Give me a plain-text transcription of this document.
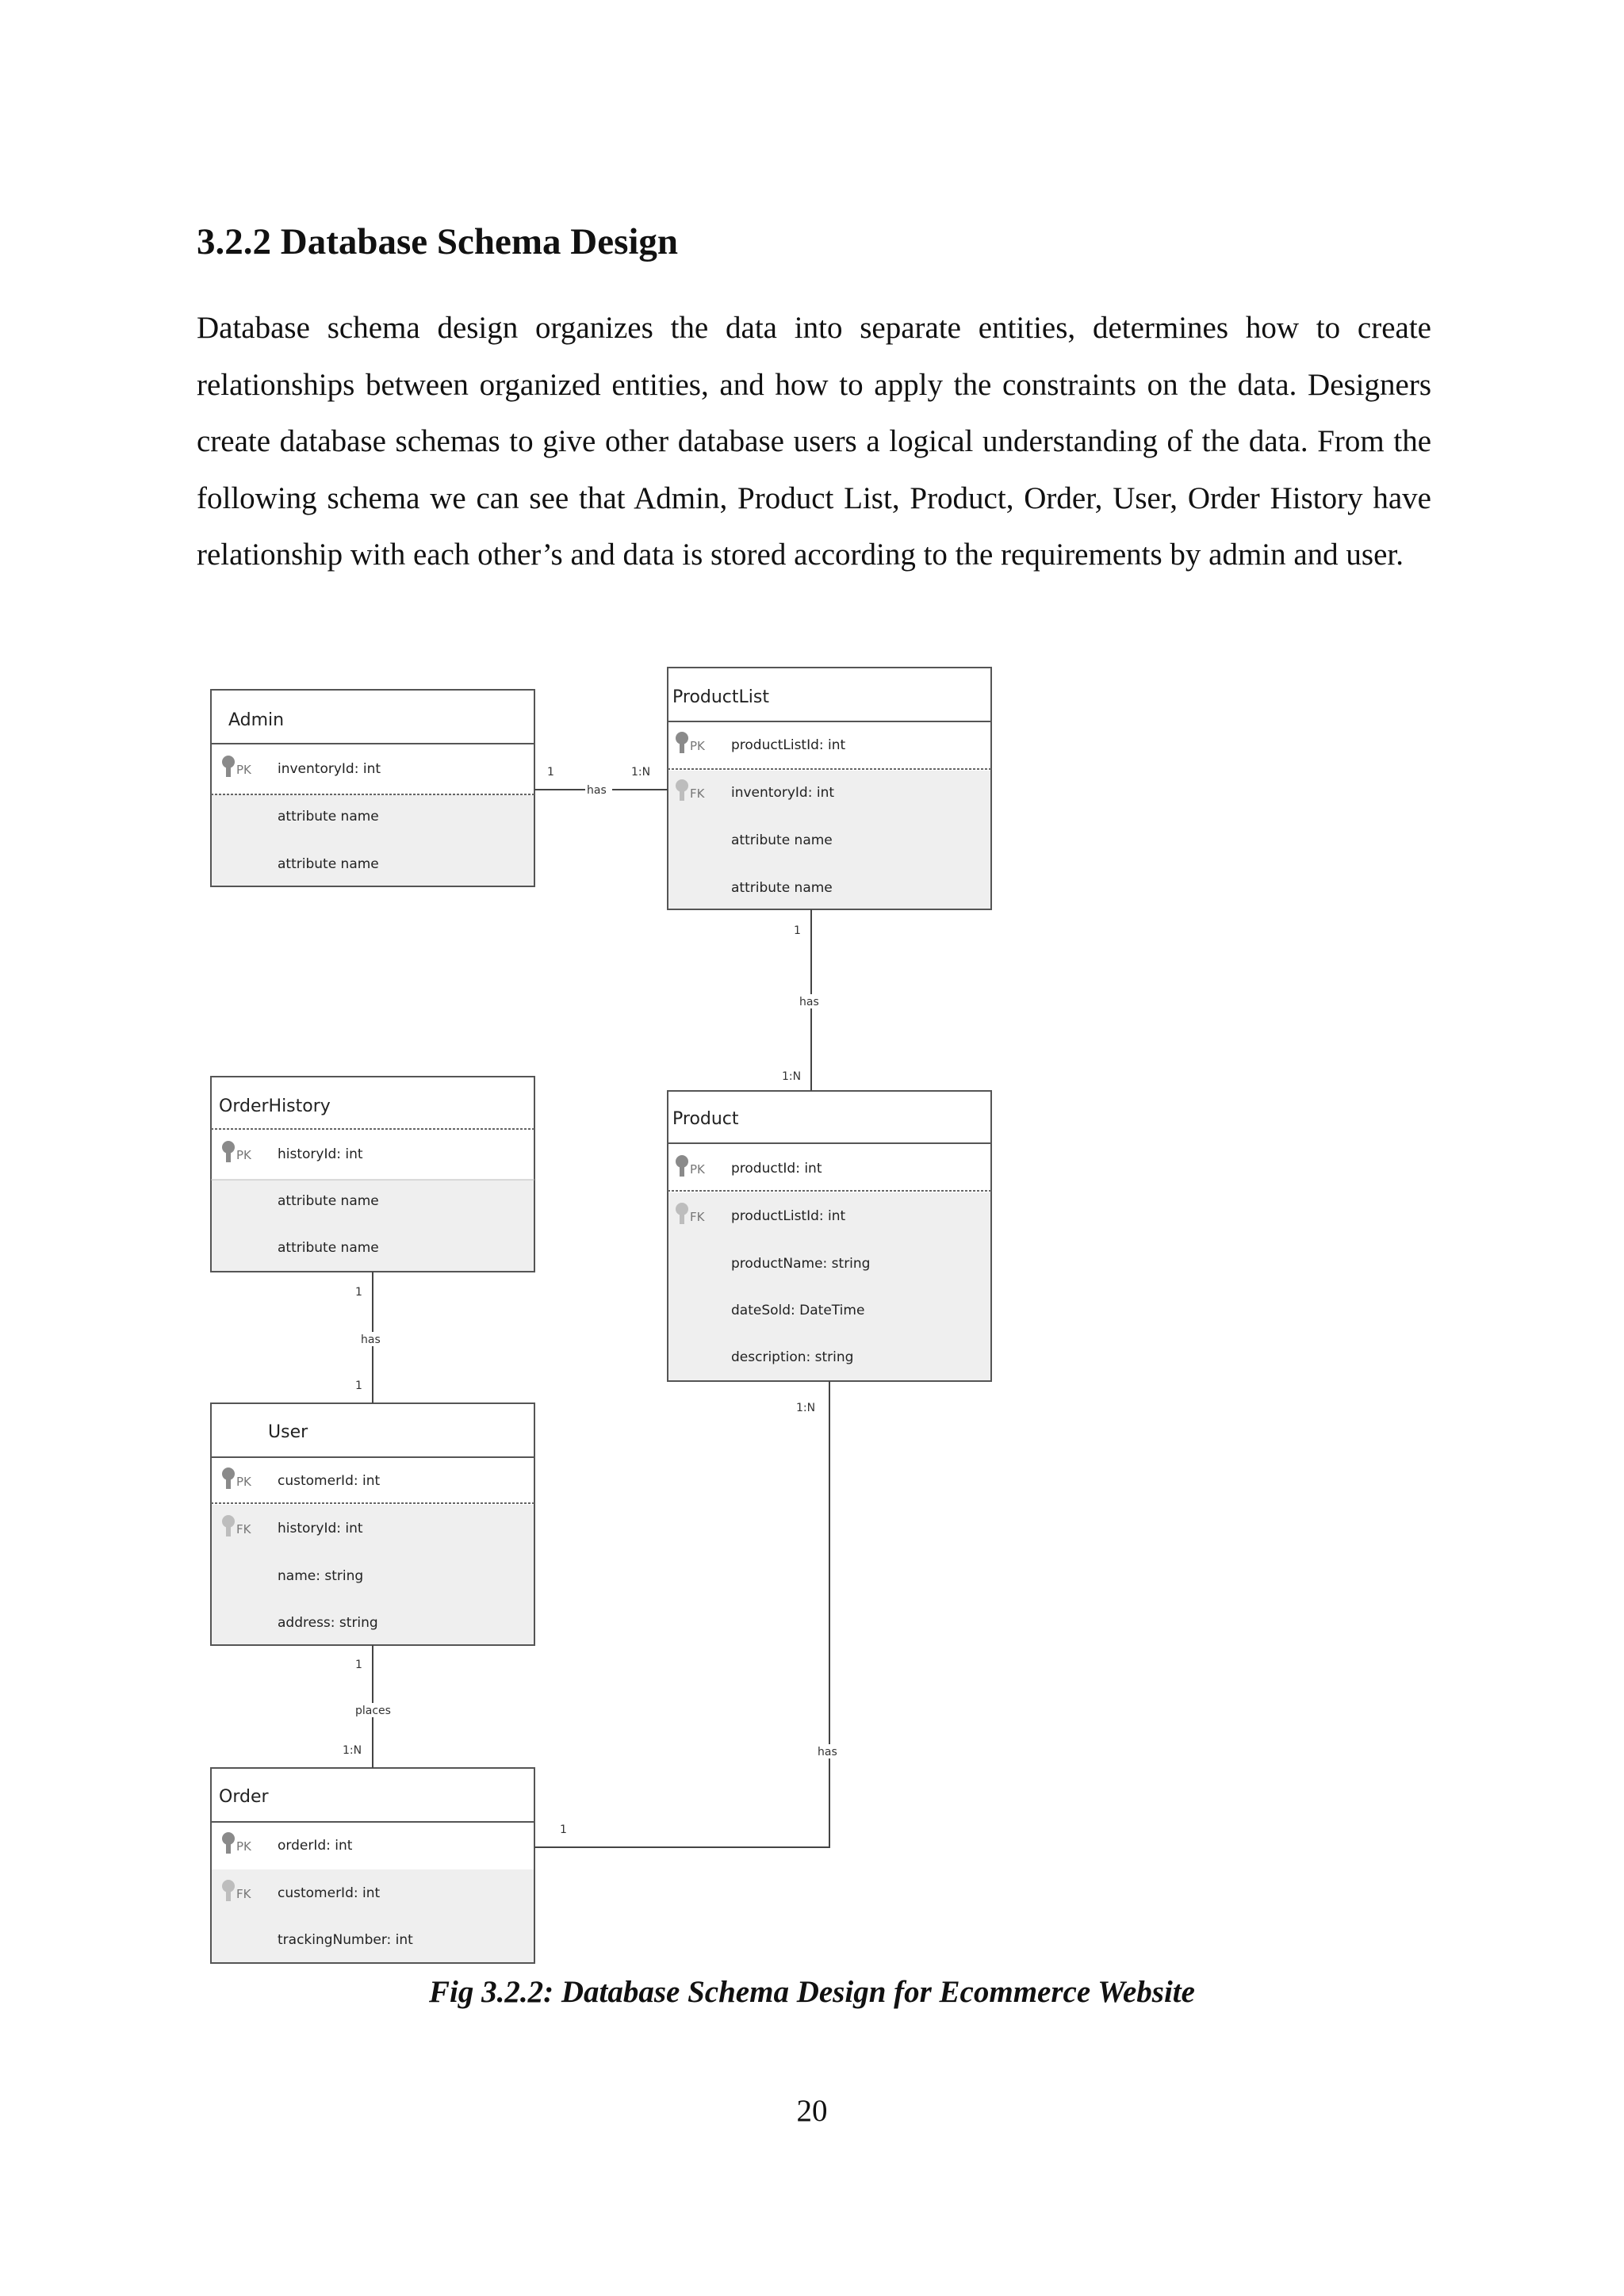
3.2.2 Database Schema Design

Database schema design organizes the data into separate entities, determines how to create relationships between organized entities, and how to apply the constraints on the data. Designers create database schemas to give other database users a logical understanding of the data. From the following schema we can see that Admin, Product List, Product, Order, User, Order History have relationship with each other’s and data is stored according to the requirements by admin and user.

Admin
PK inventoryId: int
attribute name
attribute name
ProductList
PK productListId: int
FK inventoryId: int
attribute name
attribute name
OrderHistory
PK historyId: int
attribute name
attribute name
Product
PK productId: int
FK productListId: int
productName: string
dateSold: DateTime
description: string
User
PK customerId: int
FK historyId: int
name: string
address: string
Order
PK orderId: int
FK customerId: int
trackingNumber: int
1	1:N
has
1
has
1:N
1
has
1
1
places
1:N
1:N
has
1

Fig 3.2.2: Database Schema Design for Ecommerce Website

20
